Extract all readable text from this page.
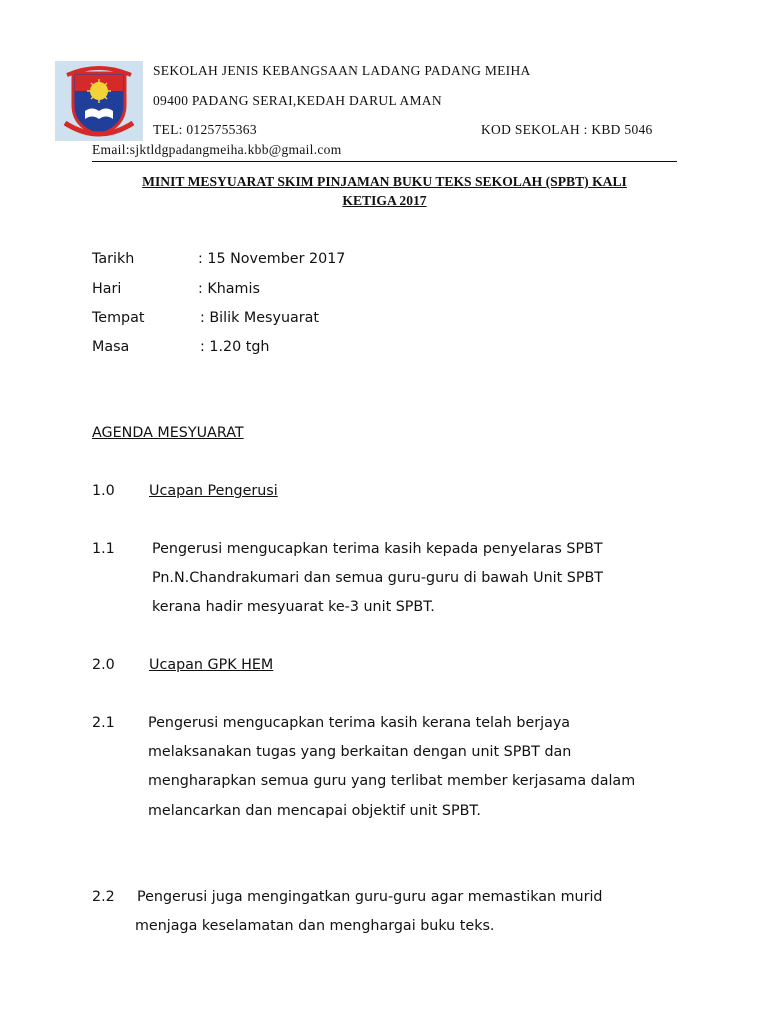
SEKOLAH JENIS KEBANGSAAN LADANG PADANG MEIHA
09400 PADANG SERAI,KEDAH DARUL AMAN
TEL: 0125755363	KOD SEKOLAH : KBD 5046
Email:sjktldgpadangmeiha.kbb@gmail.com
MINIT MESYUARAT SKIM PINJAMAN BUKU TEKS SEKOLAH (SPBT) KALI
KETIGA 2017
Tarikh	: 15 November 2017
Hari	: Khamis
Tempat	: Bilik Mesyuarat
Masa	: 1.20 tgh
AGENDA MESYUARAT
1.0 Ucapan Pengerusi
1.1	Pengerusi mengucapkan terima kasih kepada penyelaras SPBT
Pn.N.Chandrakumari dan semua guru-guru di bawah Unit SPBT
kerana hadir mesyuarat ke-3 unit SPBT.
2.0 Ucapan GPK HEM
2.1 Pengerusi mengucapkan terima kasih kerana telah berjaya
melaksanakan tugas yang berkaitan dengan unit SPBT dan
mengharapkan semua guru yang terlibat member kerjasama dalam
melancarkan dan mencapai objektif unit SPBT.
2.2 Pengerusi juga mengingatkan guru-guru agar memastikan murid
menjaga keselamatan dan menghargai buku teks.
